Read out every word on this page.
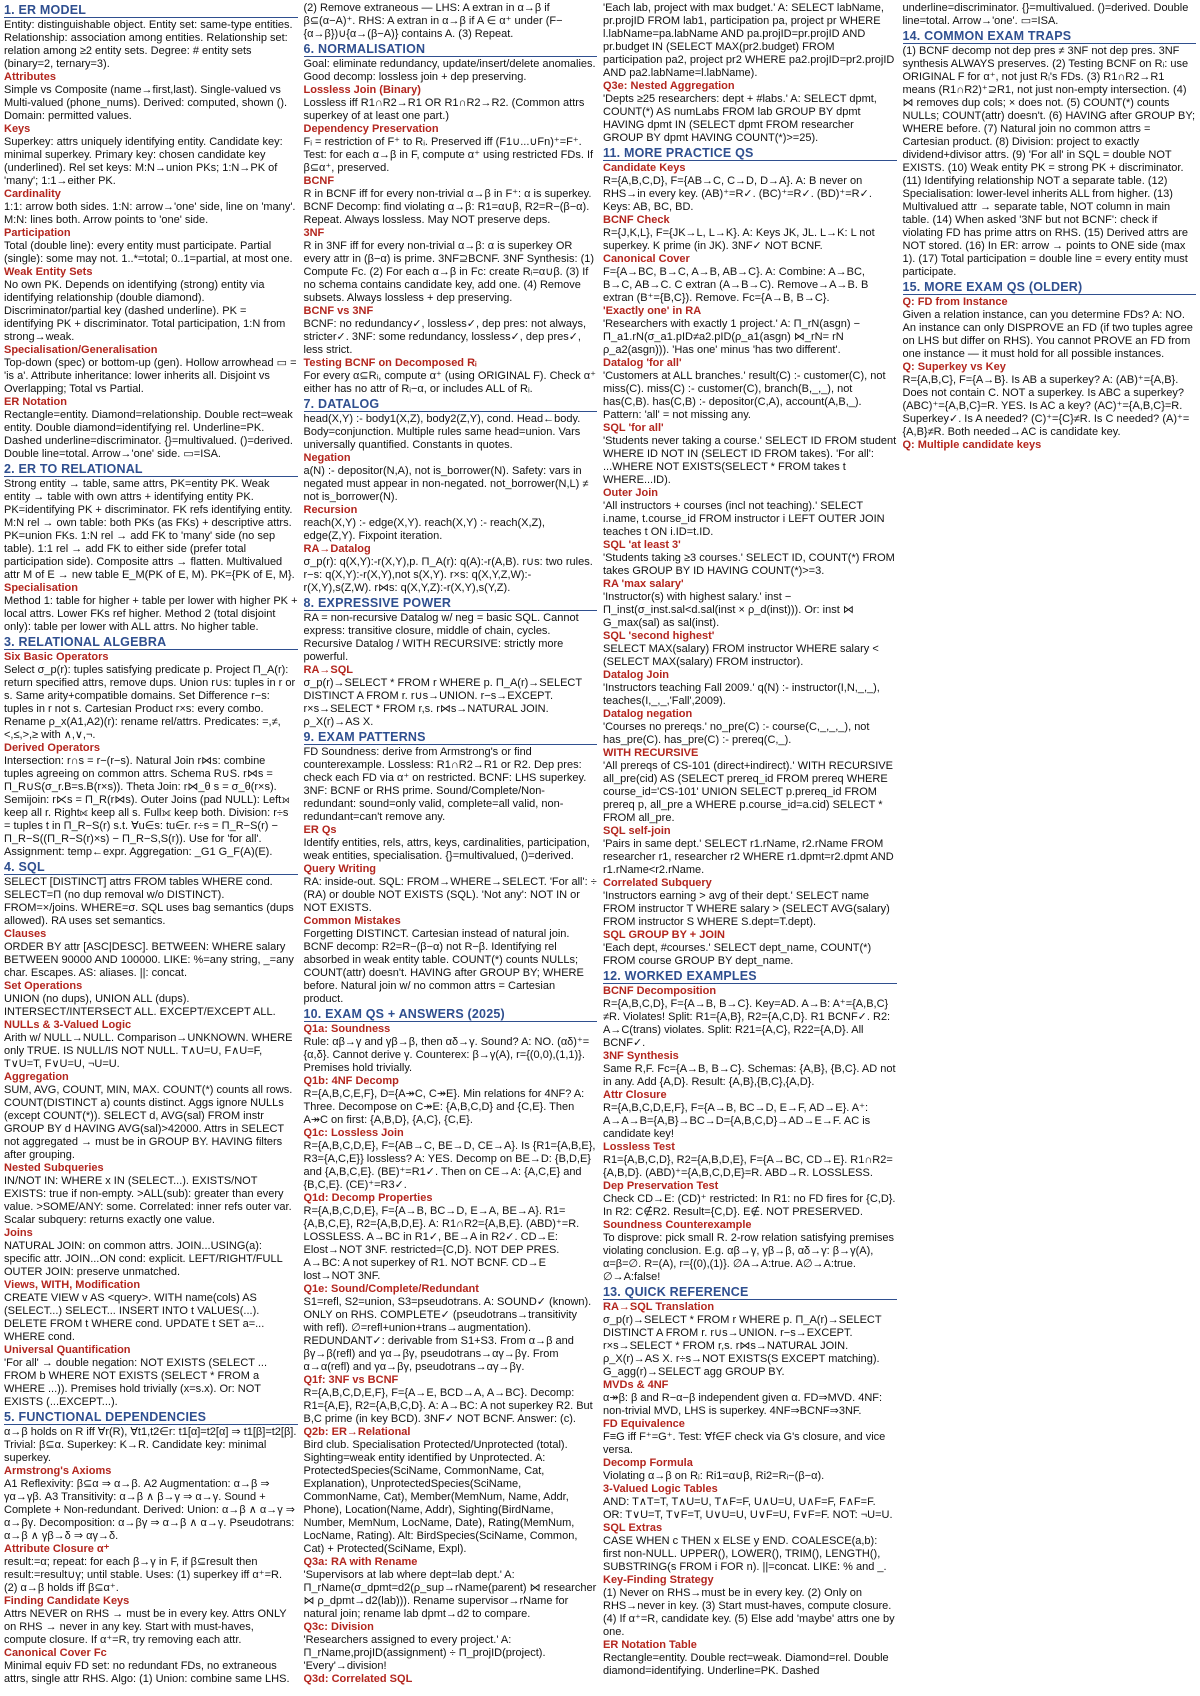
1. ER MODEL
Entity: distinguishable object. Entity set: same-type entities. Relationship: association among entities. Relationship set: relation among ≥2 entity sets. Degree: # entity sets (binary=2, ternary=3).
Attributes
Simple vs Composite (name→first,last). Single-valued vs Multi-valued (phone_nums). Derived: computed, shown (). Domain: permitted values.
Keys
Superkey: attrs uniquely identifying entity. Candidate key: minimal superkey. Primary key: chosen candidate key (underlined). Rel set keys: M:N→union PKs; 1:N→PK of 'many'; 1:1→either PK.
Cardinality
1:1: arrow both sides. 1:N: arrow→'one' side, line on 'many'. M:N: lines both. Arrow points to 'one' side.
Participation
Total (double line): every entity must participate. Partial (single): some may not. 1..*=total; 0..1=partial, at most one.
Weak Entity Sets
No own PK. Depends on identifying (strong) entity via identifying relationship (double diamond). Discriminator/partial key (dashed underline). PK = identifying PK + discriminator. Total participation, 1:N from strong→weak.
Specialisation/Generalisation
Top-down (spec) or bottom-up (gen). Hollow arrowhead ▭ = 'is a'. Attribute inheritance: lower inherits all. Disjoint vs Overlapping; Total vs Partial.
ER Notation
Rectangle=entity. Diamond=relationship. Double rect=weak entity. Double diamond=identifying rel. Underline=PK. Dashed underline=discriminator. {}=multivalued. ()=derived. Double line=total. Arrow→'one' side. ▭=ISA.
2. ER TO RELATIONAL
Strong entity → table, same attrs, PK=entity PK. Weak entity → table with own attrs + identifying entity PK. PK=identifying PK + discriminator. FK refs identifying entity. M:N rel → own table: both PKs (as FKs) + descriptive attrs. PK=union FKs. 1:N rel → add FK to 'many' side (no sep table). 1:1 rel → add FK to either side (prefer total participation side). Composite attrs → flatten. Multivalued attr M of E → new table E_M(PK of E, M). PK={PK of E, M}.
Specialisation
Method 1: table for higher + table per lower with higher PK + local attrs. Lower FKs ref higher. Method 2 (total disjoint only): table per lower with ALL attrs. No higher table.
3. RELATIONAL ALGEBRA
Six Basic Operators
Select σ_p(r): tuples satisfying predicate p. Project Π_A(r): return specified attrs, remove dups. Union r∪s: tuples in r or s. Same arity+compatible domains. Set Difference r−s: tuples in r not s. Cartesian Product r×s: every combo. Rename ρ_x(A1,A2)(r): rename rel/attrs. Predicates: =,≠,<,≤,>,≥ with ∧,∨,¬.
Derived Operators
Intersection: r∩s = r−(r−s). Natural Join r⋈s: combine tuples agreeing on common attrs. Schema R∪S. r⋈s = Π_R∪S(σ_r.B=s.B(r×s)). Theta Join: r⋈_θ s = σ_θ(r×s). Semijoin: r⋉s = Π_R(r⋈s). Outer Joins (pad NULL): Left⟕ keep all r. Right⟖ keep all s. Full⟗ keep both. Division: r÷s = tuples t in Π_R−S(r) s.t. ∀u∈s: tu∈r. r÷s = Π_R−S(r) − Π_R−S((Π_R−S(r)×s) − Π_R−S,S(r)). Use for 'for all'. Assignment: temp←expr. Aggregation: _G1 G_F(A)(E).
4. SQL
SELECT [DISTINCT] attrs FROM tables WHERE cond. SELECT=Π (no dup removal w/o DISTINCT). FROM=×/joins. WHERE=σ. SQL uses bag semantics (dups allowed). RA uses set semantics.
Clauses
ORDER BY attr [ASC|DESC]. BETWEEN: WHERE salary BETWEEN 90000 AND 100000. LIKE: %=any string, _=any char. Escapes. AS: aliases. ||: concat.
Set Operations
UNION (no dups), UNION ALL (dups). INTERSECT/INTERSECT ALL. EXCEPT/EXCEPT ALL.
NULLs & 3-Valued Logic
Arith w/ NULL→NULL. Comparison→UNKNOWN. WHERE only TRUE. IS NULL/IS NOT NULL. T∧U=U, F∧U=F, T∨U=T, F∨U=U, ¬U=U.
Aggregation
SUM, AVG, COUNT, MIN, MAX. COUNT(*) counts all rows. COUNT(DISTINCT a) counts distinct. Aggs ignore NULLs (except COUNT(*)). SELECT d, AVG(sal) FROM instr GROUP BY d HAVING AVG(sal)>42000. Attrs in SELECT not aggregated → must be in GROUP BY. HAVING filters after grouping.
Nested Subqueries
IN/NOT IN: WHERE x IN (SELECT...). EXISTS/NOT EXISTS: true if non-empty. >ALL(sub): greater than every value. >SOME/ANY: some. Correlated: inner refs outer var. Scalar subquery: returns exactly one value.
Joins
NATURAL JOIN: on common attrs. JOIN...USING(a): specific attr. JOIN...ON cond: explicit. LEFT/RIGHT/FULL OUTER JOIN: preserve unmatched.
Views, WITH, Modification
CREATE VIEW v AS <query>. WITH name(cols) AS (SELECT...) SELECT... INSERT INTO t VALUES(...). DELETE FROM t WHERE cond. UPDATE t SET a=... WHERE cond.
Universal Quantification
'For all' → double negation: NOT EXISTS (SELECT ... FROM b WHERE NOT EXISTS (SELECT * FROM a WHERE ...)). Premises hold trivially (x=s.x). Or: NOT EXISTS (...EXCEPT...).
5. FUNCTIONAL DEPENDENCIES
α→β holds on R iff ∀r(R), ∀t1,t2∈r: t1[α]=t2[α] ⇒ t1[β]=t2[β]. Trivial: β⊆α. Superkey: K→R. Candidate key: minimal superkey.
Armstrong's Axioms
A1 Reflexivity: β⊆α ⇒ α→β. A2 Augmentation: α→β ⇒ γα→γβ. A3 Transitivity: α→β ∧ β→γ ⇒ α→γ. Sound + Complete + Non-redundant. Derived: Union: α→β ∧ α→γ ⇒ α→βγ. Decomposition: α→βγ ⇒ α→β ∧ α→γ. Pseudotrans: α→β ∧ γβ→δ ⇒ αγ→δ.
Attribute Closure α⁺
result:=α; repeat: for each β→γ in F, if β⊆result then result:=result∪γ; until stable. Uses: (1) superkey iff α⁺=R. (2) α→β holds iff β⊆α⁺.
Finding Candidate Keys
Attrs NEVER on RHS → must be in every key. Attrs ONLY on RHS → never in any key. Start with must-haves, compute closure. If α⁺=R, try removing each attr.
Canonical Cover Fc
Minimal equiv FD set: no redundant FDs, no extraneous attrs, single attr RHS. Algo: (1) Union: combine same LHS. (2) Remove extraneous — LHS: A extran in α→β if β⊆(α−A)⁺. RHS: A extran in α→β if A ∈ α⁺ under (F−{α→β})∪{α→(β−A)} contains A. (3) Repeat.
6. NORMALISATION
Goal: eliminate redundancy, update/insert/delete anomalies. Good decomp: lossless join + dep preserving.
Lossless Join (Binary)
Lossless iff R1∩R2→R1 OR R1∩R2→R2. (Common attrs superkey of at least one part.)
Dependency Preservation
Fᵢ = restriction of F⁺ to Rᵢ. Preserved iff (F1∪...∪Fn)⁺=F⁺. Test: for each α→β in F, compute α⁺ using restricted FDs. If β⊆α⁺, preserved.
BCNF
R in BCNF iff for every non-trivial α→β in F⁺: α is superkey. BCNF Decomp: find violating α→β: R1=α∪β, R2=R−(β−α). Repeat. Always lossless. May NOT preserve deps.
3NF
R in 3NF iff for every non-trivial α→β: α is superkey OR every attr in (β−α) is prime. 3NF⊇BCNF. 3NF Synthesis: (1) Compute Fc. (2) For each α→β in Fc: create Rᵢ=α∪β. (3) If no schema contains candidate key, add one. (4) Remove subsets. Always lossless + dep preserving.
BCNF vs 3NF
BCNF: no redundancy✓, lossless✓, dep pres: not always, stricter✓. 3NF: some redundancy, lossless✓, dep pres✓, less strict.
Testing BCNF on Decomposed Rᵢ
For every α⊆Rᵢ, compute α⁺ (using ORIGINAL F). Check α⁺ either has no attr of Rᵢ−α, or includes ALL of Rᵢ.
7. DATALOG
head(X,Y) :- body1(X,Z), body2(Z,Y), cond. Head←body. Body=conjunction. Multiple rules same head=union. Vars universally quantified. Constants in quotes.
Negation
a(N) :- depositor(N,A), not is_borrower(N). Safety: vars in negated must appear in non-negated. not_borrower(N,L) ≠ not is_borrower(N).
Recursion
reach(X,Y) :- edge(X,Y). reach(X,Y) :- reach(X,Z), edge(Z,Y). Fixpoint iteration.
RA→Datalog
σ_p(r): q(X,Y):-r(X,Y),p. Π_A(r): q(A):-r(A,B). r∪s: two rules. r−s: q(X,Y):-r(X,Y),not s(X,Y). r×s: q(X,Y,Z,W):-r(X,Y),s(Z,W). r⋈s: q(X,Y,Z):-r(X,Y),s(Y,Z).
8. EXPRESSIVE POWER
RA = non-recursive Datalog w/ neg = basic SQL. Cannot express: transitive closure, middle of chain, cycles. Recursive Datalog / WITH RECURSIVE: strictly more powerful.
RA→SQL
σ_p(r)→SELECT * FROM r WHERE p. Π_A(r)→SELECT DISTINCT A FROM r. r∪s→UNION. r−s→EXCEPT. r×s→SELECT * FROM r,s. r⋈s→NATURAL JOIN. ρ_X(r)→AS X.
9. EXAM PATTERNS
FD Soundness: derive from Armstrong's or find counterexample. Lossless: R1∩R2→R1 or R2. Dep pres: check each FD via α⁺ on restricted. BCNF: LHS superkey. 3NF: BCNF or RHS prime. Sound/Complete/Non-redundant: sound=only valid, complete=all valid, non-redundant=can't remove any.
ER Qs
Identify entities, rels, attrs, keys, cardinalities, participation, weak entities, specialisation. {}=multivalued, ()=derived.
Query Writing
RA: inside-out. SQL: FROM→WHERE→SELECT. 'For all': ÷ (RA) or double NOT EXISTS (SQL). 'Not any': NOT IN or NOT EXISTS.
Common Mistakes
Forgetting DISTINCT. Cartesian instead of natural join. BCNF decomp: R2=R−(β−α) not R−β. Identifying rel absorbed in weak entity table. COUNT(*) counts NULLs; COUNT(attr) doesn't. HAVING after GROUP BY; WHERE before. Natural join w/ no common attrs = Cartesian product.
10. EXAM QS + ANSWERS (2025)
Q1a: Soundness
Rule: αβ→γ and γβ→β, then αδ→γ. Sound? A: NO. (αδ)⁺={α,δ}. Cannot derive γ. Counterex: β→γ(A), r={(0,0),(1,1)}. Premises hold trivially.
Q1b: 4NF Decomp
R={A,B,C,E,F}, D={A↠C, C↠E}. Min relations for 4NF? A: Three. Decompose on C↠E: {A,B,C,D} and {C,E}. Then A↠C on first: {A,B,D}, {A,C}, {C,E}.
Q1c: Lossless Join
R={A,B,C,D,E}, F={AB→C, BE→D, CE→A}. Is {R1={A,B,E}, R3={A,C,E}} lossless? A: YES. Decomp on BE→D: {B,D,E} and {A,B,C,E}. (BE)⁺=R1✓. Then on CE→A: {A,C,E} and {B,C,E}. (CE)⁺=R3✓.
Q1d: Decomp Properties
R={A,B,C,D,E}, F={A→B, BC→D, E→A, BE→A}. R1={A,B,C,E}, R2={A,B,D,E}. A: R1∩R2={A,B,E}. (ABD)⁺=R. LOSSLESS. A→BC in R1✓, BE→A in R2✓. CD→E: Elost→NOT 3NF. restricted={C,D}. NOT DEP PRES. A→BC: A not superkey of R1. NOT BCNF. CD→E lost→NOT 3NF.
Q1e: Sound/Complete/Redundant
S1=refl, S2=union, S3=pseudotrans. A: SOUND✓ (known). ONLY on RHS. COMPLETE✓ (pseudotrans→transitivity with refl). ∅=refl+union+trans→augmentation). REDUNDANT✓: derivable from S1+S3. From α→β and βγ→β(refl) and γα→βγ, pseudotrans→αγ→βγ. From α→α(refl) and γα→βγ, pseudotrans→αγ→βγ.
Q1f: 3NF vs BCNF
R={A,B,C,D,E,F}, F={A→E, BCD→A, A→BC}. Decomp: R1={A,E}, R2={A,B,C,D}. A: A→BC: A not superkey R2. But B,C prime (in key BCD). 3NF✓ NOT BCNF. Answer: (c).
Q2b: ER→Relational
Bird club. Specialisation Protected/Unprotected (total). Sighting=weak entity identified by Unprotected. A: ProtectedSpecies(SciName, CommonName, Cat, Explanation), UnprotectedSpecies(SciName, CommonName, Cat), Member(MemNum, Name, Addr, Phone), Location(Name, Addr), Sighting(BirdName, Number, MemNum, LocName, Date), Rating(MemNum, LocName, Rating). Alt: BirdSpecies(SciName, Common, Cat) + Protected(SciName, Expl).
Q3a: RA with Rename
'Supervisors at lab where dept=lab dept.' A: Π_rName(σ_dpmt=d2(ρ_sup→rName(parent) ⋈ researcher ⋈ ρ_dpmt→d2(lab))). Rename supervisor→rName for natural join; rename lab dpmt→d2 to compare.
Q3c: Division
'Researchers assigned to every project.' A: Π_rName,projID(assignment) ÷ Π_projID(project). 'Every'→division!
Q3d: Correlated SQL
'Each lab, project with max budget.' A: SELECT labName, pr.projID FROM lab1, participation pa, project pr WHERE l.labName=pa.labName AND pa.projID=pr.projID AND pr.budget IN (SELECT MAX(pr2.budget) FROM participation pa2, project pr2 WHERE pa2.projID=pr2.projID AND pa2.labName=l.labName).
Q3e: Nested Aggregation
'Depts ≥25 researchers: dept + #labs.' A: SELECT dpmt, COUNT(*) AS numLabs FROM lab GROUP BY dpmt HAVING dpmt IN (SELECT dpmt FROM researcher GROUP BY dpmt HAVING COUNT(*)>=25).
11. MORE PRACTICE QS
Candidate Keys
R={A,B,C,D}, F={AB→C, C→D, D→A}. A: B never on RHS→in every key. (AB)⁺=R✓. (BC)⁺=R✓. (BD)⁺=R✓. Keys: AB, BC, BD.
BCNF Check
R={J,K,L}, F={JK→L, L→K}. A: Keys JK, JL. L→K: L not superkey. K prime (in JK). 3NF✓ NOT BCNF.
Canonical Cover
F={A→BC, B→C, A→B, AB→C}. A: Combine: A→BC, B→C, AB→C. C extran (A→B→C). Remove→A→B. B extran (B⁺={B,C}). Remove. Fc={A→B, B→C}.
'Exactly one' in RA
'Researchers with exactly 1 project.' A: Π_rN(asgn) − Π_a1.rN(σ_a1.pID≠a2.pID(ρ_a1(asgn) ⋈_rN= rN ρ_a2(asgn))). 'Has one' minus 'has two different'.
Datalog 'for all'
'Customers at ALL branches.' result(C) :- customer(C), not miss(C). miss(C) :- customer(C), branch(B,_,_), not has(C,B). has(C,B) :- depositor(C,A), account(A,B,_). Pattern: 'all' = not missing any.
SQL 'for all'
'Students never taking a course.' SELECT ID FROM student WHERE ID NOT IN (SELECT ID FROM takes). 'For all': ...WHERE NOT EXISTS(SELECT * FROM takes t WHERE...ID).
Outer Join
'All instructors + courses (incl not teaching).' SELECT i.name, t.course_id FROM instructor i LEFT OUTER JOIN teaches t ON i.ID=t.ID.
SQL 'at least 3'
'Students taking ≥3 courses.' SELECT ID, COUNT(*) FROM takes GROUP BY ID HAVING COUNT(*)>=3.
RA 'max salary'
'Instructor(s) with highest salary.' inst − Π_inst(σ_inst.sal<d.sal(inst × ρ_d(inst))). Or: inst ⋈ G_max(sal) as sal(inst).
SQL 'second highest'
SELECT MAX(salary) FROM instructor WHERE salary < (SELECT MAX(salary) FROM instructor).
Datalog Join
'Instructors teaching Fall 2009.' q(N) :- instructor(I,N,_,_), teaches(I,_,_,'Fall',2009).
Datalog negation
'Courses no prereqs.' no_pre(C) :- course(C,_,_,_), not has_pre(C). has_pre(C) :- prereq(C,_).
WITH RECURSIVE
'All prereqs of CS-101 (direct+indirect).' WITH RECURSIVE all_pre(cid) AS (SELECT prereq_id FROM prereq WHERE course_id='CS-101' UNION SELECT p.prereq_id FROM prereq p, all_pre a WHERE p.course_id=a.cid) SELECT * FROM all_pre.
SQL self-join
'Pairs in same dept.' SELECT r1.rName, r2.rName FROM researcher r1, researcher r2 WHERE r1.dpmt=r2.dpmt AND r1.rName<r2.rName.
Correlated Subquery
'Instructors earning > avg of their dept.' SELECT name FROM instructor T WHERE salary > (SELECT AVG(salary) FROM instructor S WHERE S.dept=T.dept).
SQL GROUP BY + JOIN
'Each dept, #courses.' SELECT dept_name, COUNT(*) FROM course GROUP BY dept_name.
12. WORKED EXAMPLES
BCNF Decomposition
R={A,B,C,D}, F={A→B, B→C}. Key=AD. A→B: A⁺={A,B,C}≠R. Violates! Split: R1={A,B}, R2={A,C,D}. R1 BCNF✓. R2: A→C(trans) violates. Split: R21={A,C}, R22={A,D}. All BCNF✓.
3NF Synthesis
Same R,F. Fc={A→B, B→C}. Schemas: {A,B}, {B,C}. AD not in any. Add {A,D}. Result: {A,B},{B,C},{A,D}.
Attr Closure
R={A,B,C,D,E,F}, F={A→B, BC→D, E→F, AD→E}. A⁺: A→A→B={A,B}→BC→D={A,B,C,D}→AD→E→F. AC is candidate key!
Lossless Test
R1={A,B,C,D}, R2={A,B,D,E}, F={A→BC, CD→E}. R1∩R2={A,B,D}. (ABD)⁺={A,B,C,D,E}=R. ABD→R. LOSSLESS.
Dep Preservation Test
Check CD→E: (CD)⁺ restricted: In R1: no FD fires for {C,D}. In R2: C∉R2. Result={C,D}. E∉. NOT PRESERVED.
Soundness Counterexample
To disprove: pick small R. 2-row relation satisfying premises violating conclusion. E.g. αβ→γ, γβ→β, αδ→γ: β→γ(A), α=β=∅. R=(A), r={(0),(1)}. ∅A→A:true. A∅→A:true. ∅→A:false!
13. QUICK REFERENCE
RA→SQL Translation
σ_p(r)→SELECT * FROM r WHERE p. Π_A(r)→SELECT DISTINCT A FROM r. r∪s→UNION. r−s→EXCEPT. r×s→SELECT * FROM r,s. r⋈s→NATURAL JOIN. ρ_X(r)→AS X. r÷s→NOT EXISTS(S EXCEPT matching). G_agg(r)→SELECT agg GROUP BY.
MVDs & 4NF
α↠β: β and R−α−β independent given α. FD⇒MVD. 4NF: non-trivial MVD, LHS is superkey. 4NF⇒BCNF⇒3NF.
FD Equivalence
F≡G iff F⁺=G⁺. Test: ∀f∈F check via G's closure, and vice versa.
Decomp Formula
Violating α→β on Rᵢ: Ri1=α∪β, Ri2=Rᵢ−(β−α).
3-Valued Logic Tables
AND: T∧T=T, T∧U=U, T∧F=F, U∧U=U, U∧F=F, F∧F=F. OR: T∨U=T, T∨F=T, U∨U=U, U∨F=U, F∨F=F. NOT: ¬U=U.
SQL Extras
CASE WHEN c THEN x ELSE y END. COALESCE(a,b): first non-NULL. UPPER(), LOWER(), TRIM(), LENGTH(), SUBSTRING(s FROM i FOR n). ||=concat. LIKE: % and _.
Key-Finding Strategy
(1) Never on RHS→must be in every key. (2) Only on RHS→never in key. (3) Start must-haves, compute closure. (4) If α⁺=R, candidate key. (5) Else add 'maybe' attrs one by one.
ER Notation Table
Rectangle=entity. Double rect=weak. Diamond=rel. Double diamond=identifying. Underline=PK. Dashed underline=discriminator. {}=multivalued. ()=derived. Double line=total. Arrow→'one'. ▭=ISA.
14. COMMON EXAM TRAPS
(1) BCNF decomp not dep pres ≠ 3NF not dep pres. 3NF synthesis ALWAYS preserves. (2) Testing BCNF on Rᵢ: use ORIGINAL F for α⁺, not just Rᵢ's FDs. (3) R1∩R2→R1 means (R1∩R2)⁺⊇R1, not just non-empty intersection. (4) ⋈ removes dup cols; × does not. (5) COUNT(*) counts NULLs; COUNT(attr) doesn't. (6) HAVING after GROUP BY; WHERE before. (7) Natural join no common attrs = Cartesian product. (8) Division: project to exactly dividend+divisor attrs. (9) 'For all' in SQL = double NOT EXISTS. (10) Weak entity PK = strong PK + discriminator. (11) Identifying relationship NOT a separate table. (12) Specialisation: lower-level inherits ALL from higher. (13) Multivalued attr → separate table, NOT column in main table. (14) When asked '3NF but not BCNF': check if violating FD has prime attrs on RHS. (15) Derived attrs are NOT stored. (16) In ER: arrow → points to ONE side (max 1). (17) Total participation = double line = every entity must participate.
15. MORE EXAM QS (OLDER)
Q: FD from Instance
Given a relation instance, can you determine FDs? A: NO. An instance can only DISPROVE an FD (if two tuples agree on LHS but differ on RHS). You cannot PROVE an FD from one instance — it must hold for all possible instances.
Q: Superkey vs Key
R={A,B,C}, F={A→B}. Is AB a superkey? A: (AB)⁺={A,B}. Does not contain C. NOT a superkey. Is ABC a superkey? (ABC)⁺={A,B,C}=R. YES. Is AC a key? (AC)⁺={A,B,C}=R. Superkey✓. Is A needed? (C)⁺={C}≠R. Is C needed? (A)⁺={A,B}≠R. Both needed→AC is candidate key.
Q: Multiple candidate keys
